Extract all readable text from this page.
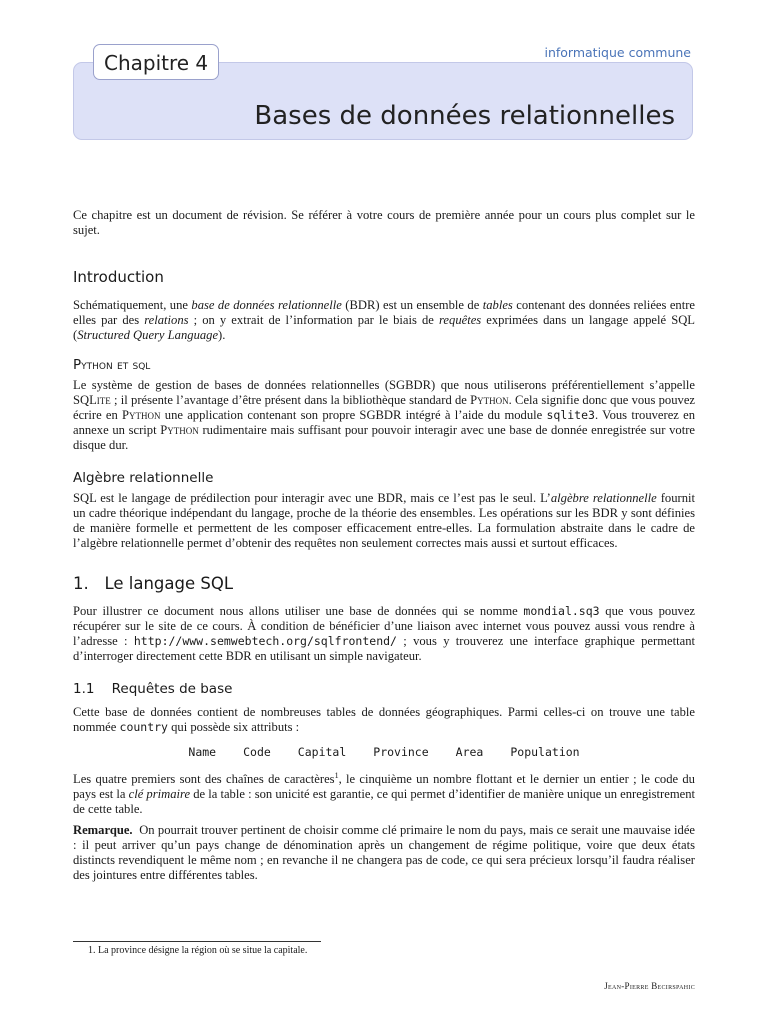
Chapitre 4	informatique commune
Bases de données relationnelles

Ce chapitre est un document de révision. Se référer à votre cours de première année pour un cours plus complet sur le sujet.

Introduction

Schématiquement, une base de données relationnelle (BDR) est un ensemble de tables contenant des données reliées entre elles par des relations ; on y extrait de l’information par le biais de requêtes exprimées dans un langage appelé SQL (Structured Query Language).

Python et sql

Le système de gestion de bases de données relationnelles (SGBDR) que nous utiliserons préférentiellement s’appelle SQLite ; il présente l’avantage d’être présent dans la bibliothèque standard de Python. Cela signifie donc que vous pouvez écrire en Python une application contenant son propre SGBDR intégré à l’aide du module sqlite3. Vous trouverez en annexe un script Python rudimentaire mais suffisant pour pouvoir interagir avec une base de donnée enregistrée sur votre disque dur.

Algèbre relationnelle

SQL est le langage de prédilection pour interagir avec une BDR, mais ce l’est pas le seul. L’algèbre relationnelle fournit un cadre théorique indépendant du langage, proche de la théorie des ensembles. Les opérations sur les BDR y sont définies de manière formelle et permettent de les composer efficacement entre-elles. La formulation abstraite dans le cadre de l’algèbre relationnelle permet d’obtenir des requêtes non seulement correctes mais aussi et surtout efficaces.

1.   Le langage SQL

Pour illustrer ce document nous allons utiliser une base de données qui se nomme mondial.sq3 que vous pouvez récupérer sur le site de ce cours. À condition de bénéficier d’une liaison avec internet vous pouvez aussi vous rendre à l’adresse : http://www.semwebtech.org/sqlfrontend/ ; vous y trouverez une interface graphique permettant d’interroger directement cette BDR en utilisant un simple navigateur.

1.1    Requêtes de base

Cette base de données contient de nombreuses tables de données géographiques. Parmi celles-ci on trouve une table nommée country qui possède six attributs :

Name Code Capital Province Area Population

Les quatre premiers sont des chaînes de caractères$^1$, le cinquième un nombre flottant et le dernier un entier ; le code du pays est la clé primaire de la table : son unicité est garantie, ce qui permet d’identifier de manière unique un enregistrement de cette table.

Remarque.  On pourrait trouver pertinent de choisir comme clé primaire le nom du pays, mais ce serait une mauvaise idée : il peut arriver qu’un pays change de dénomination après un changement de régime politique, voire que deux états distincts revendiquent le même nom ; en revanche il ne changera pas de code, ce qui sera précieux lorsqu’il faudra réaliser des jointures entre différentes tables.

1. La province désigne la région où se situe la capitale.
Jean-Pierre Becirspahic
